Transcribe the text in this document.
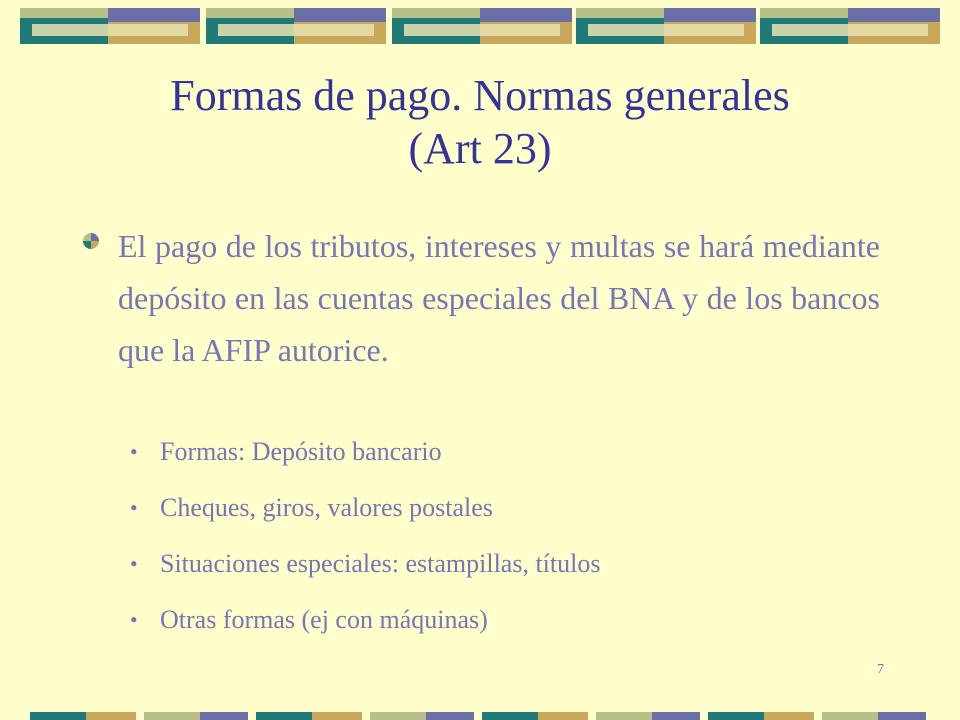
Formas de pago. Normas generales
(Art 23)
El pago de los tributos, intereses y multas se hará mediante depósito en las cuentas especiales del BNA y de los bancos que la AFIP autorice.
• Formas: Depósito bancario
• Cheques, giros, valores postales
• Situaciones especiales: estampillas, títulos
• Otras formas (ej con máquinas)
7
